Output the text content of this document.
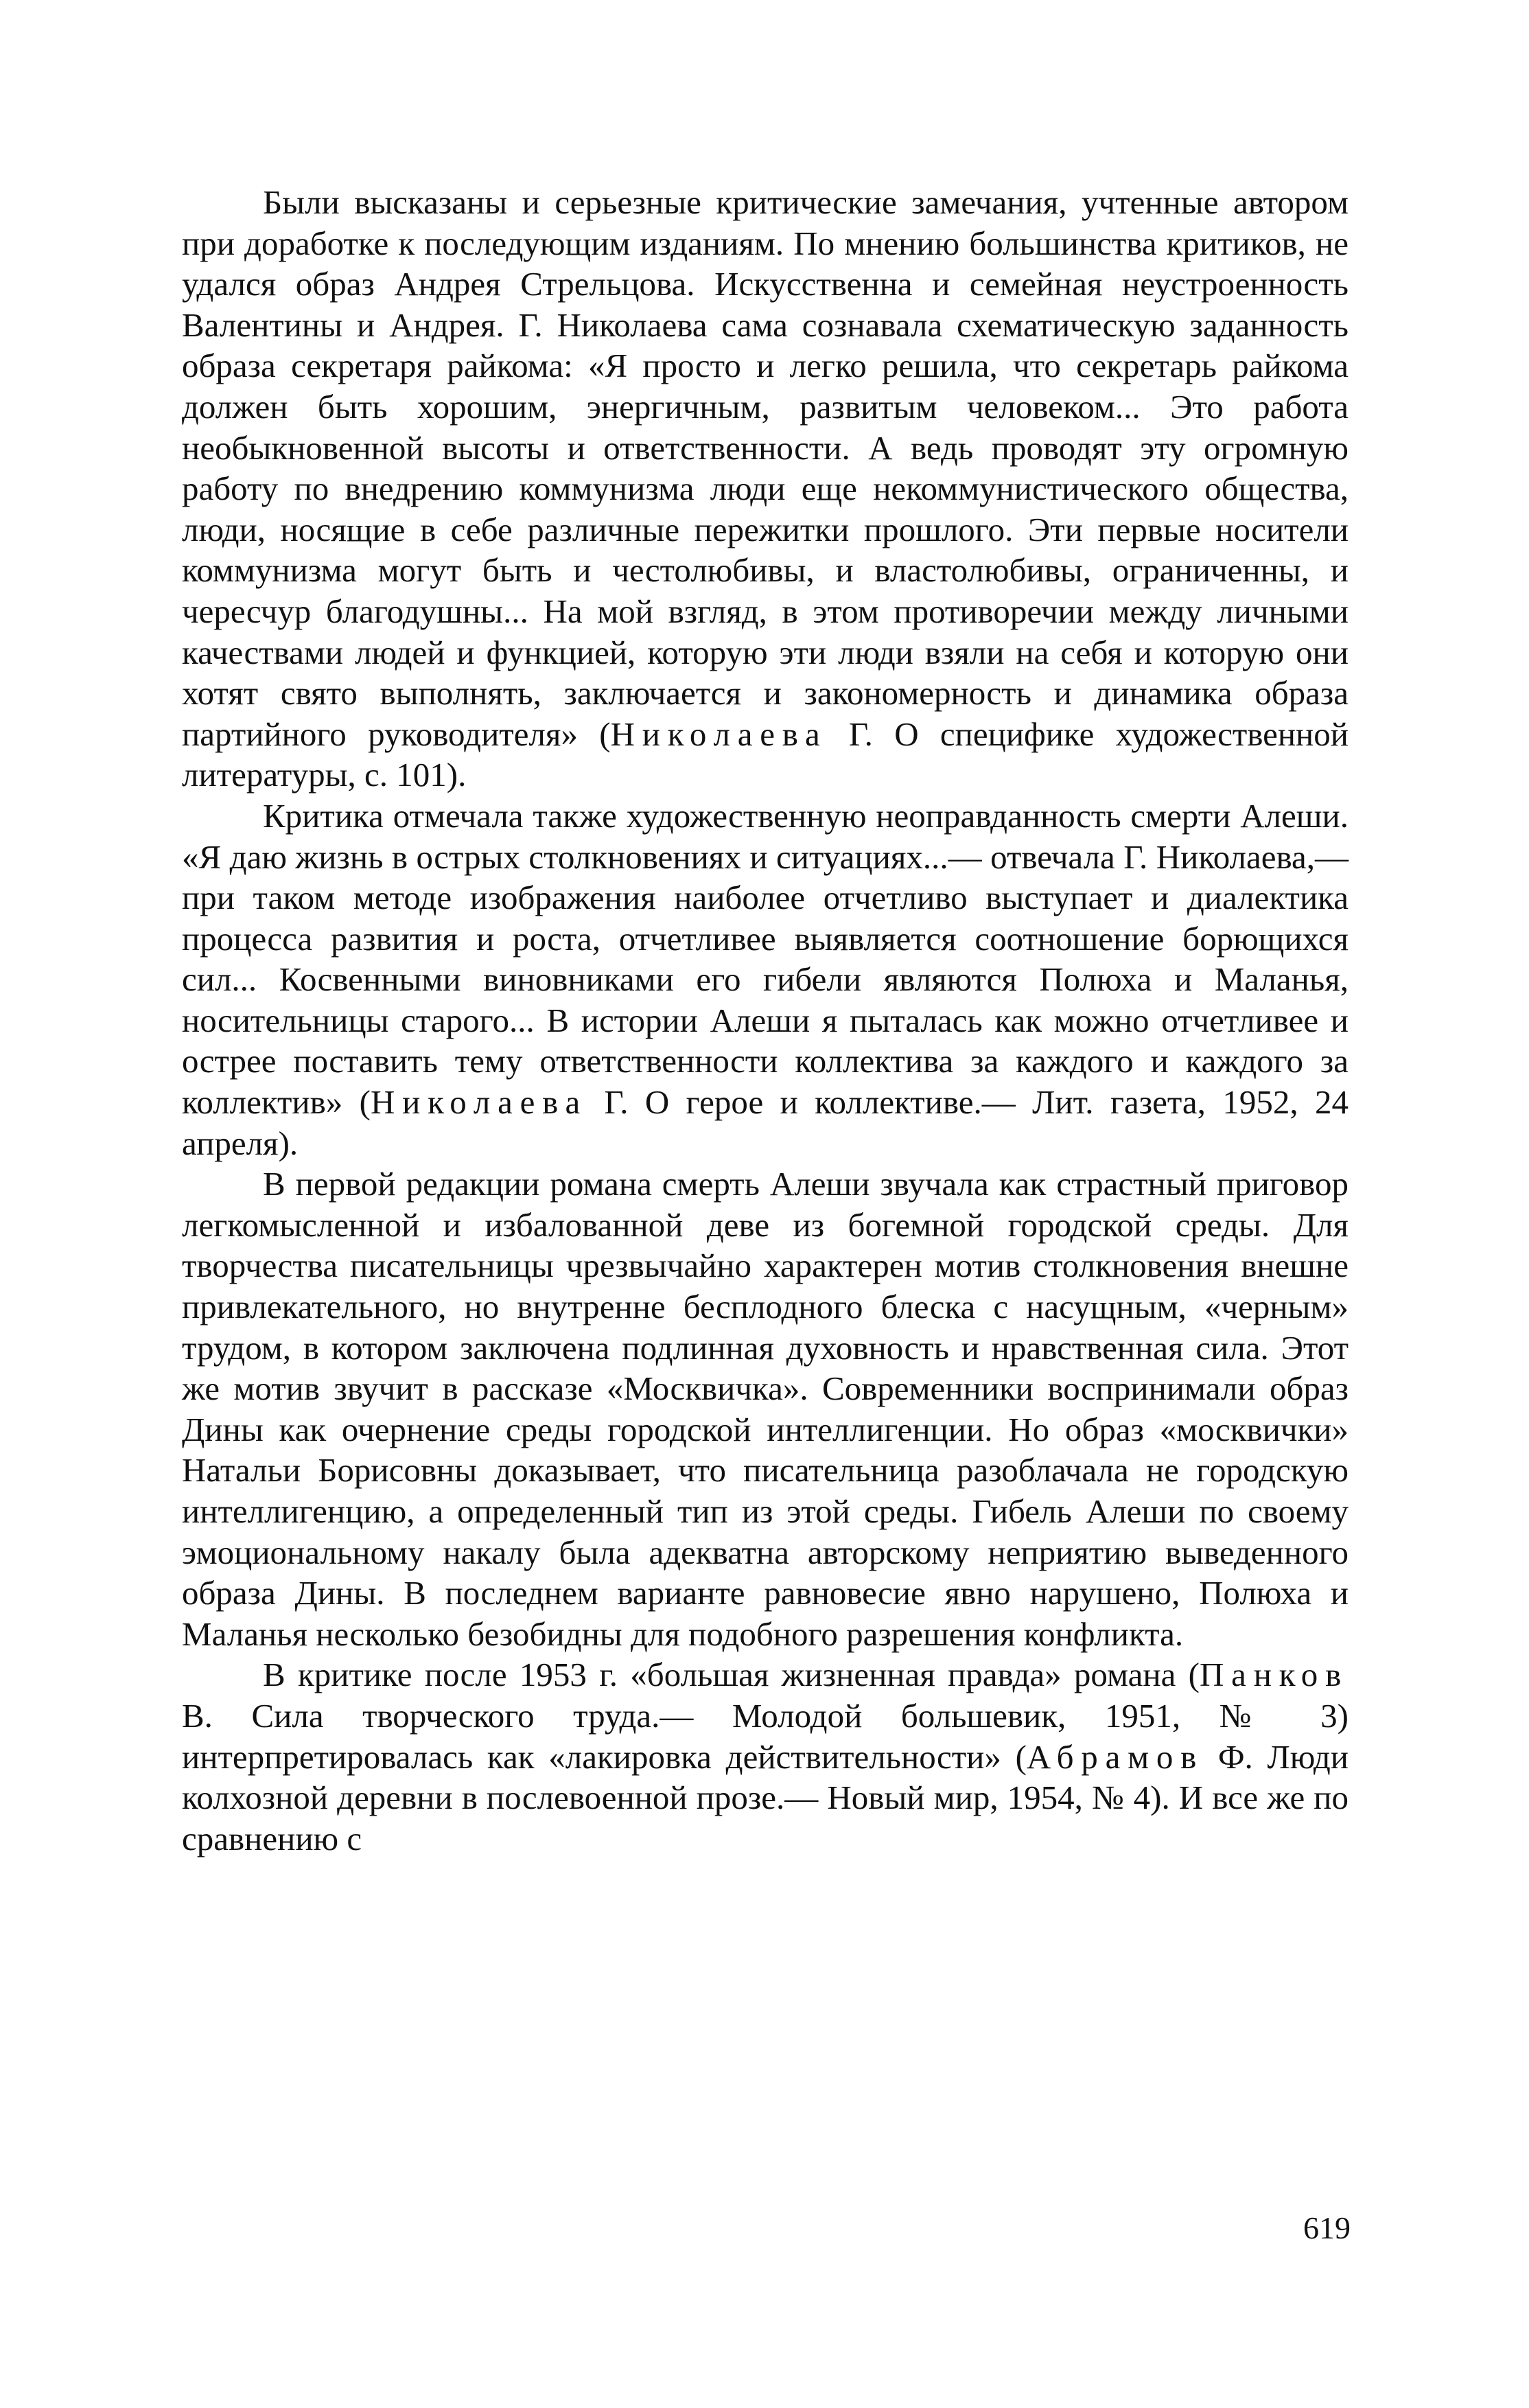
Были высказаны и серьезные критические замечания, учтенные автором при доработке к последующим изданиям. По мнению большинства критиков, не удался образ Андрея Стрельцова. Искусственна и семейная неустроенность Валентины и Андрея. Г. Николаева сама сознавала схематическую заданность образа секретаря райкома: «Я просто и легко решила, что секретарь райкома должен быть хорошим, энергичным, развитым человеком... Это работа необыкновенной высоты и ответственности. А ведь проводят эту огромную работу по внедрению коммунизма люди еще некоммунистического общества, люди, носящие в себе различные пережитки прошлого. Эти первые носители коммунизма могут быть и честолюбивы, и властолюбивы, ограниченны, и чересчур благодушны... На мой взгляд, в этом противоречии между личными качествами людей и функцией, которую эти люди взяли на себя и которую они хотят свято выполнять, заключается и закономерность и динамика образа партийного руководителя» (Николаева Г. О специфике художественной литературы, с. 101).

Критика отмечала также художественную неоправданность смерти Алеши. «Я даю жизнь в острых столкновениях и ситуациях...— отвечала Г. Николаева,— при таком методе изображения наиболее отчетливо выступает и диалектика процесса развития и роста, отчетливее выявляется соотношение борющихся сил... Косвенными виновниками его гибели являются Полюха и Маланья, носительницы старого... В истории Алеши я пыталась как можно отчетливее и острее поставить тему ответственности коллектива за каждого и каждого за коллектив» (Николаева Г. О герое и коллективе.— Лит. газета, 1952, 24 апреля).

В первой редакции романа смерть Алеши звучала как страстный приговор легкомысленной и избалованной деве из богемной городской среды. Для творчества писательницы чрезвычайно характерен мотив столкновения внешне привлекательного, но внутренне бесплодного блеска с насущным, «черным» трудом, в котором заключена подлинная духовность и нравственная сила. Этот же мотив звучит в рассказе «Москвичка». Современники воспринимали образ Дины как очернение среды городской интеллигенции. Но образ «москвички» Натальи Борисовны доказывает, что писательница разоблачала не городскую интеллигенцию, а определенный тип из этой среды. Гибель Алеши по своему эмоциональному накалу была адекватна авторскому неприятию выведенного образа Дины. В последнем варианте равновесие явно нарушено, Полюха и Маланья несколько безобидны для подобного разрешения конфликта.

В критике после 1953 г. «большая жизненная правда» романа (Панков В. Сила творческого труда.— Молодой большевик, 1951, № 3) интерпретировалась как «лакировка действительности» (Абрамов Ф. Люди колхозной деревни в послевоенной прозе.— Новый мир, 1954, № 4). И все же по сравнению с

619
